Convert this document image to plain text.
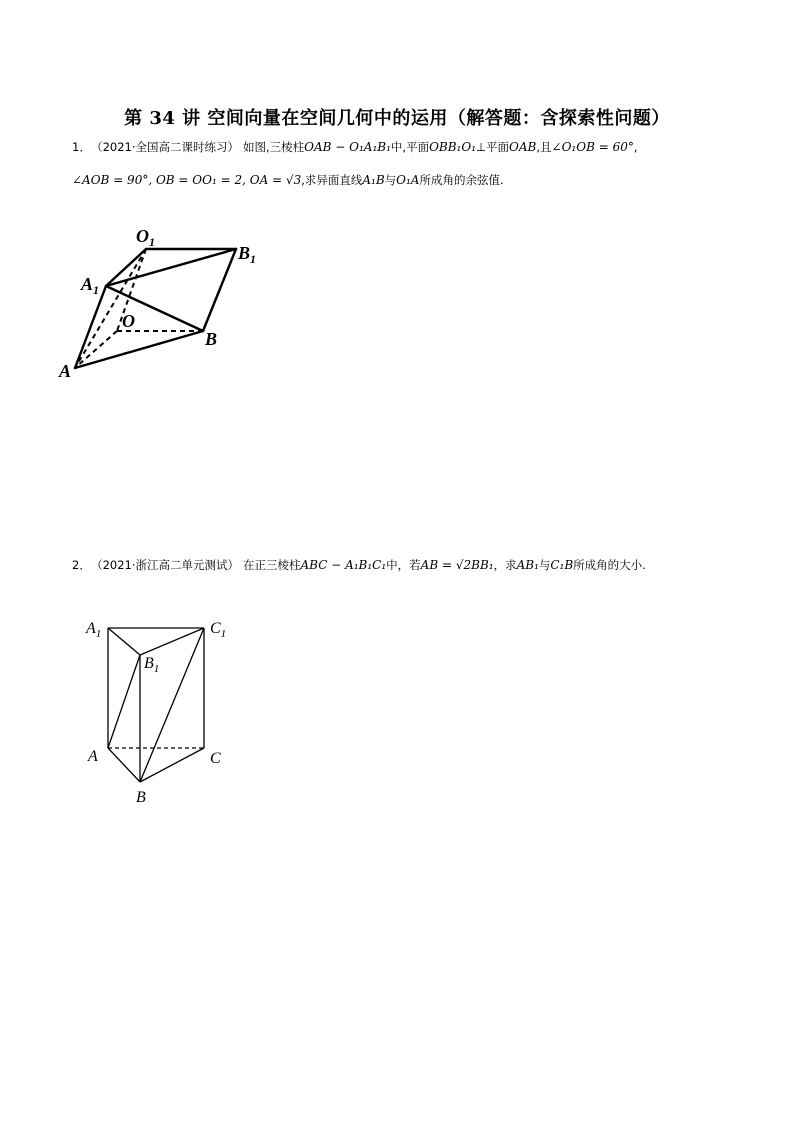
第 34 讲 空间向量在空间几何中的运用（解答题：含探索性问题）
1． （2021·全国高二课时练习） 如图,三棱柱OAB − O₁A₁B₁中,平面OBB₁O₁⊥平面OAB,且∠O₁OB = 60°,
∠AOB = 90°, OB = OO₁ = 2, OA = √3,求异面直线A₁B与O₁A所成角的余弦值.
$O_1$
$B_1$
$A_1$
O
B
A
2． （2021·浙江高二单元测试） 在正三棱柱ABC − A₁B₁C₁中，若AB = √2BB₁，求AB₁与C₁B所成角的大小.
$A_1$	$C_1$
$B_1$
A	C
B
